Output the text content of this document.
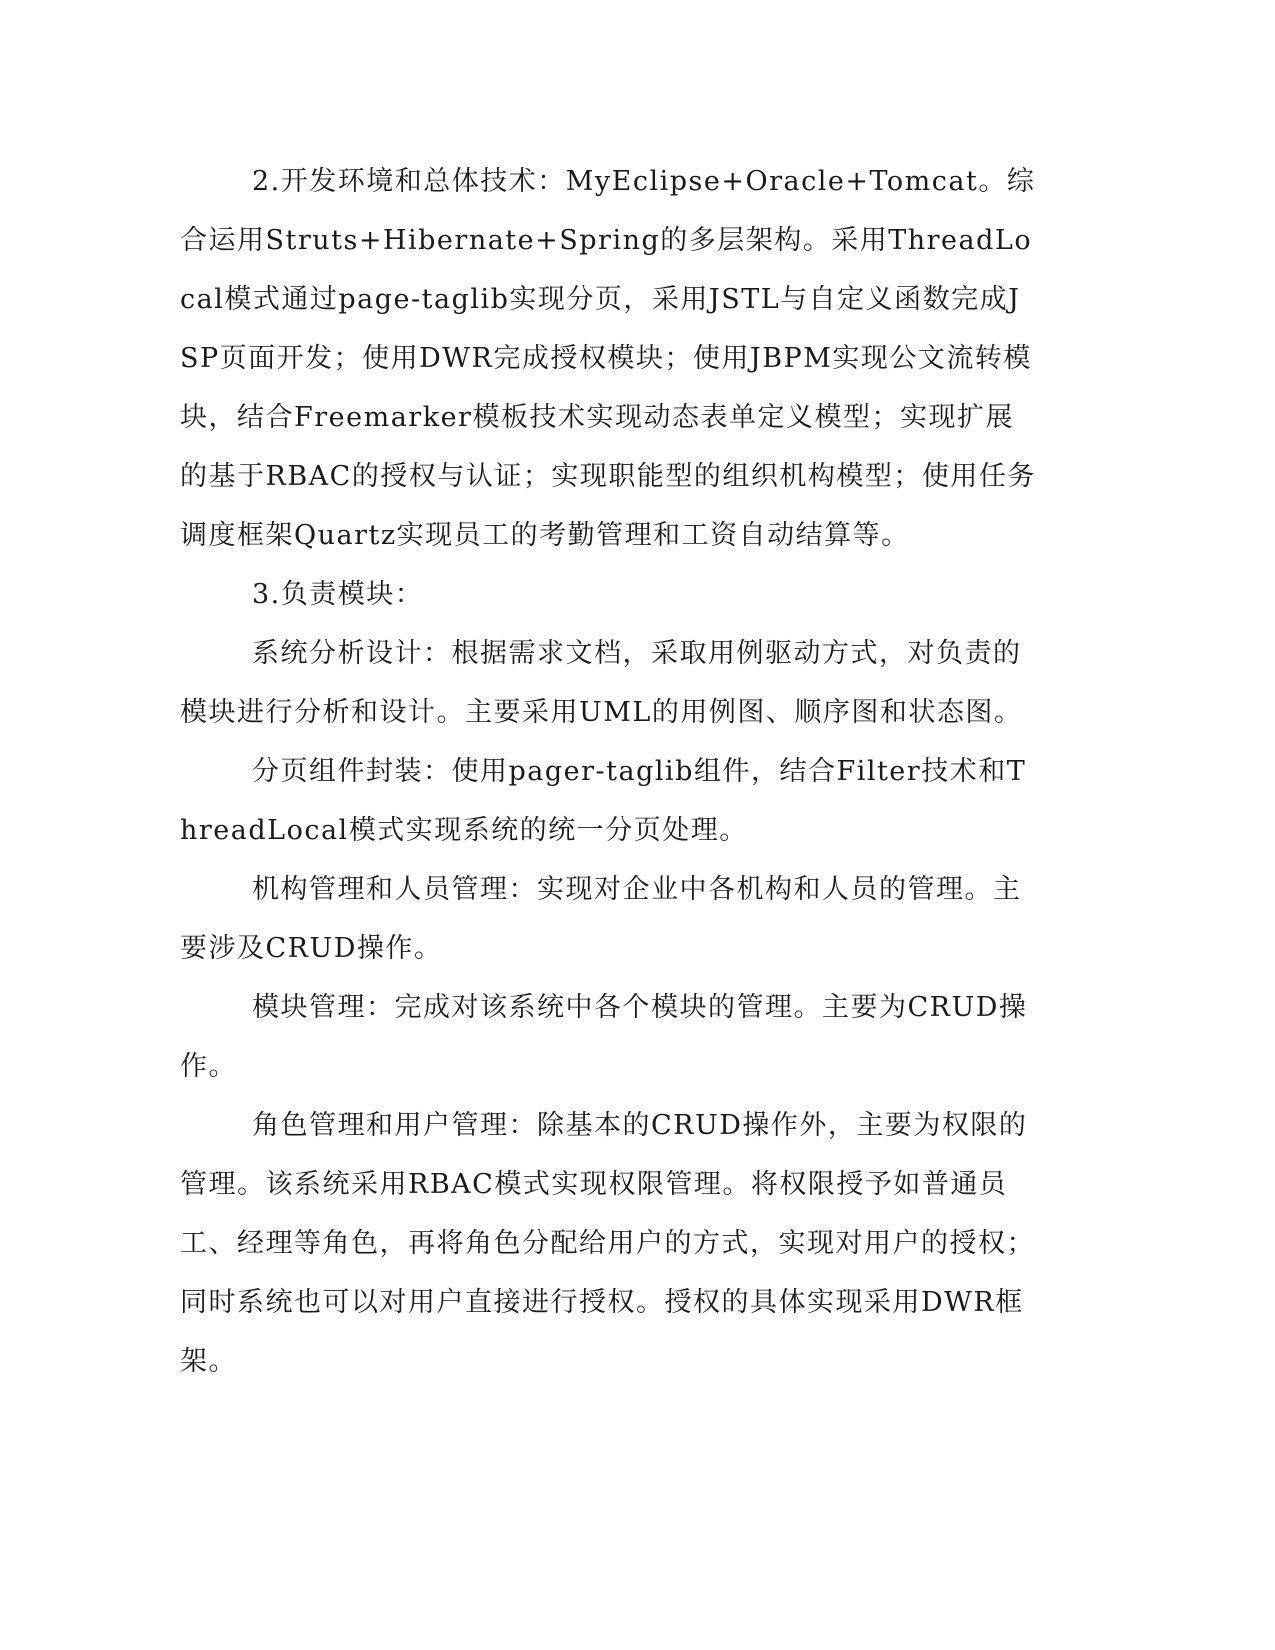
2.开发环境和总体技术：MyEclipse+Oracle+Tomcat。综合运用Struts+Hibernate+Spring的多层架构。采用ThreadLocal模式通过page-taglib实现分页，采用JSTL与自定义函数完成JSP页面开发；使用DWR完成授权模块；使用JBPM实现公文流转模块，结合Freemarker模板技术实现动态表单定义模型；实现扩展的基于RBAC的授权与认证；实现职能型的组织机构模型；使用任务调度框架Quartz实现员工的考勤管理和工资自动结算等。

3.负责模块：

系统分析设计：根据需求文档，采取用例驱动方式，对负责的模块进行分析和设计。主要采用UML的用例图、顺序图和状态图。

分页组件封装：使用pager-taglib组件，结合Filter技术和ThreadLocal模式实现系统的统一分页处理。

机构管理和人员管理：实现对企业中各机构和人员的管理。主要涉及CRUD操作。

模块管理：完成对该系统中各个模块的管理。主要为CRUD操作。

角色管理和用户管理：除基本的CRUD操作外，主要为权限的管理。该系统采用RBAC模式实现权限管理。将权限授予如普通员工、经理等角色，再将角色分配给用户的方式，实现对用户的授权；同时系统也可以对用户直接进行授权。授权的具体实现采用DWR框架。
